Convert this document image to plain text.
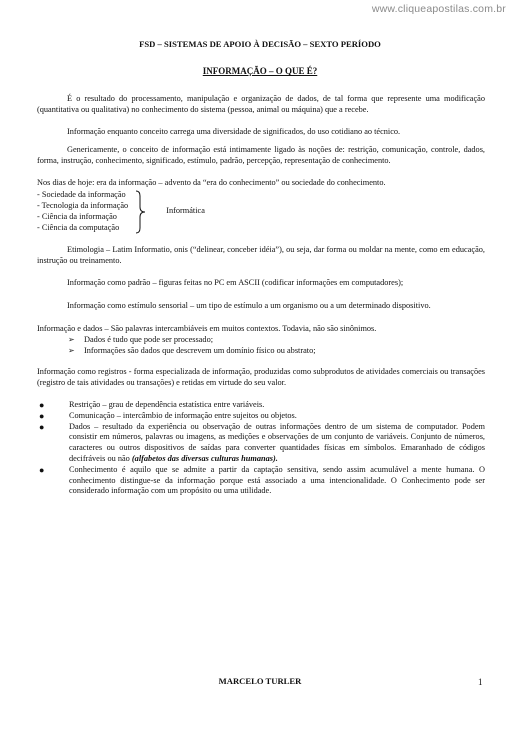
www.cliqueapostilas.com.br
FSD – SISTEMAS DE APOIO À DECISÃO – SEXTO PERÍODO
INFORMAÇÃO – O QUE É?

É o resultado do processamento, manipulação e organização de dados, de tal forma que represente uma modificação (quantitativa ou qualitativa) no conhecimento do sistema (pessoa, animal ou máquina) que a recebe.

Informação enquanto conceito carrega uma diversidade de significados, do uso cotidiano ao técnico.

Genericamente, o conceito de informação está intimamente ligado às noções de: restrição, comunicação, controle, dados, forma, instrução, conhecimento, significado, estímulo, padrão, percepção, representação de conhecimento.

Nos dias de hoje: era da informação – advento da “era do conhecimento” ou sociedade do conhecimento.

- Sociedade da informação
- Tecnologia da informação
- Ciência da informação
- Ciência da computação
Informática

Etimologia – Latim Informatio, onis (“delinear, conceber idéia”), ou seja, dar forma ou moldar na mente, como em educação, instrução ou treinamento.

Informação como padrão – figuras feitas no PC em ASCII (codificar informações em computadores);

Informação como estímulo sensorial – um tipo de estímulo a um organismo ou a um determinado dispositivo.

Informação e dados – São palavras intercambiáveis em muitos contextos. Todavia, não são sinônimos.

➢	Dados é tudo que pode ser processado;
➢	Informações são dados que descrevem um domínio físico ou abstrato;

Informação como registros - forma especializada de informação, produzidas como subprodutos de atividades comerciais ou transações (registro de tais atividades ou transações) e retidas em virtude do seu valor.

●	Restrição – grau de dependência estatística entre variáveis.
●	Comunicação – intercâmbio de informação entre sujeitos ou objetos.
●	Dados – resultado da experiência ou observação de outras informações dentro de um sistema de computador. Podem consistir em números, palavras ou imagens, as medições e observações de um conjunto de variáveis. Conjunto de números, caracteres ou outros dispositivos de saídas para converter quantidades físicas em símbolos. Emaranhado de códigos decifráveis ou não (alfabetos das diversas culturas humanas).
●	Conhecimento é aquilo que se admite a partir da captação sensitiva, sendo assim acumulável a mente humana. O conhecimento distingue-se da informação porque está associado a uma intencionalidade. O Conhecimento pode ser considerado informação com um propósito ou uma utilidade.
MARCELO TURLER	1
